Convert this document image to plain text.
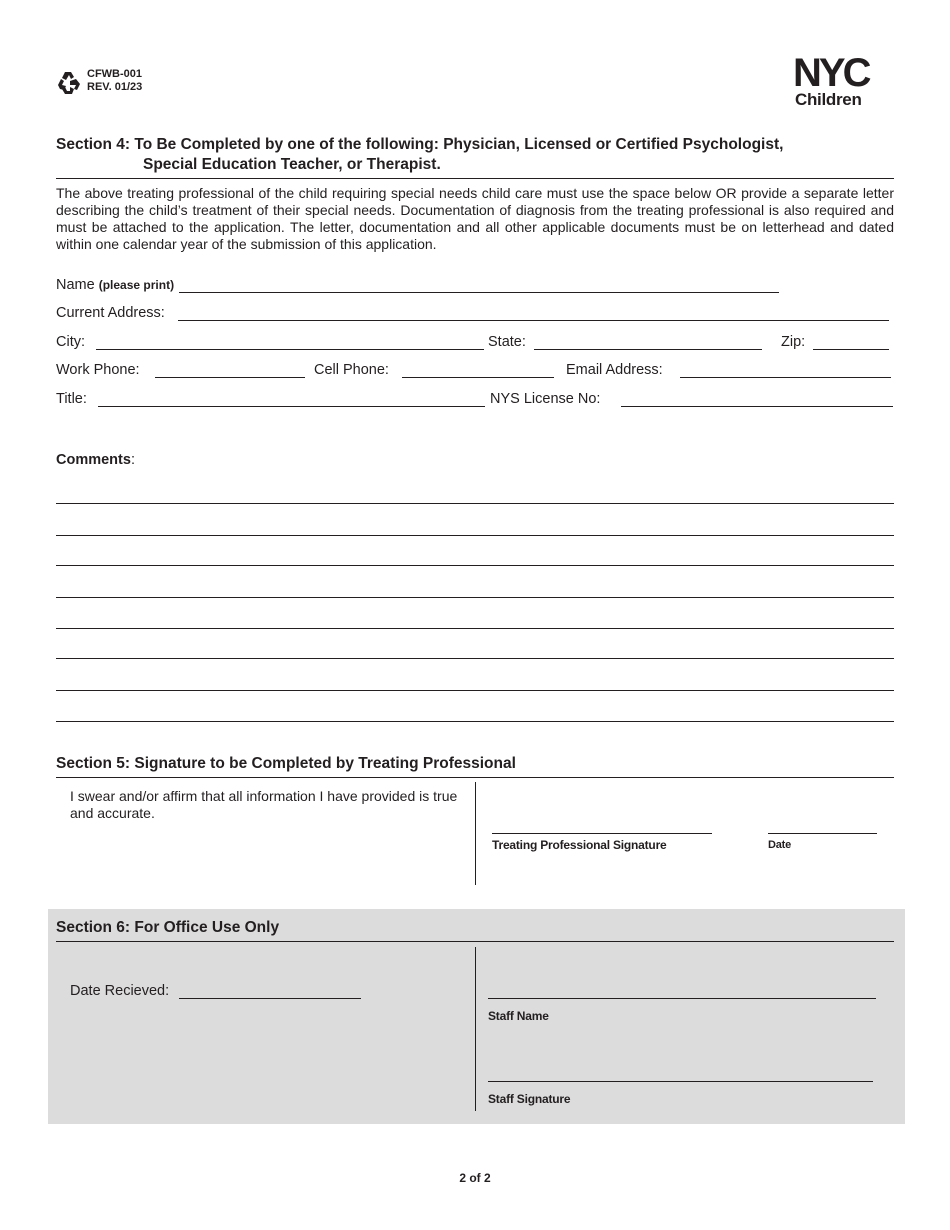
CFWB-001
REV. 01/23	NYC
Children
Section 4: To Be Completed by one of the following: Physician, Licensed or Certified Psychologist,
Special Education Teacher, or Therapist.
The above treating professional of the child requiring special needs child care must use the space below OR provide a separate letter describing the child’s treatment of their special needs. Documentation of diagnosis from the treating professional is also required and must be attached to the application. The letter, documentation and all other applicable documents must be on letterhead and dated within one calendar year of the submission of this application.
Name (please print)
Current Address:
City:	State:	Zip:
Work Phone:	Cell Phone:	Email Address:
Title:	NYS License No:
Comments:
Section 5: Signature to be Completed by Treating Professional
I swear and/or affirm that all information I have provided is true and accurate.
Treating Professional Signature	Date
Section 6: For Office Use Only
Date Recieved:
Staff Name
Staff Signature
2 of 2
